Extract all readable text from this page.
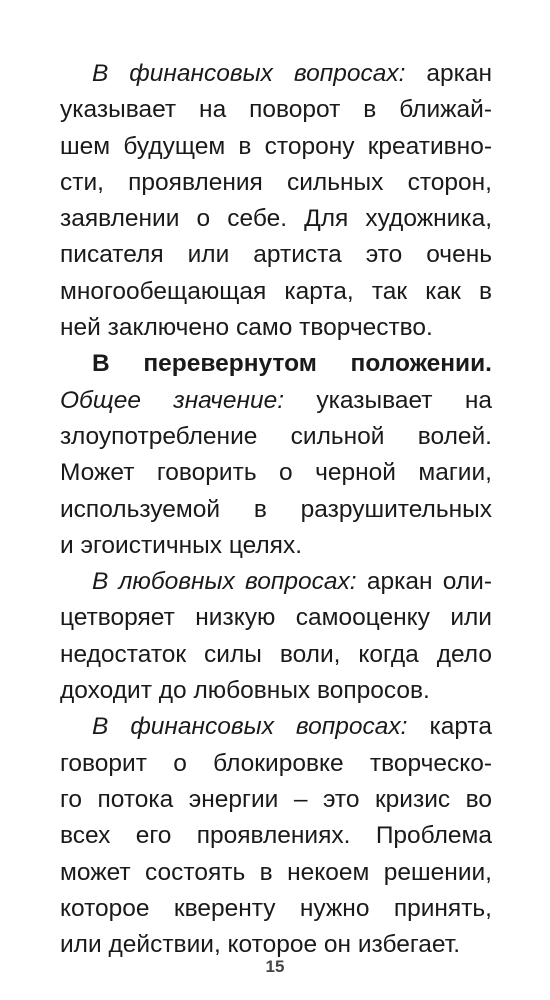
В финансовых вопросах: аркан
указывает на поворот в ближай-
шем будущем в сторону креативно-
сти, проявления сильных сторон,
заявлении о себе. Для художника,
писателя или артиста это очень
многообещающая карта, так как в
ней заключено само творчество.
В перевернутом положении.
Общее значение: указывает на
злоупотребление сильной волей.
Может говорить о черной магии,
используемой в разрушительных
и эгоистичных целях.
В любовных вопросах: аркан оли-
цетворяет низкую самооценку или
недостаток силы воли, когда дело
доходит до любовных вопросов.
В финансовых вопросах: карта
говорит о блокировке творческо-
го потока энергии – это кризис во
всех его проявлениях. Проблема
может состоять в некоем решении,
которое кверенту нужно принять,
или действии, которое он избегает.
15
